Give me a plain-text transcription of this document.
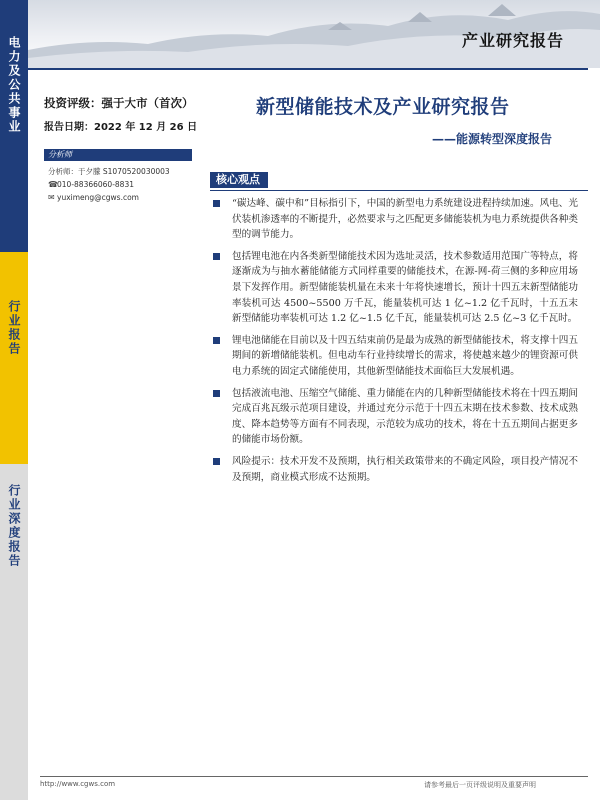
电力及公共事业
行业报告
行业深度报告
产业研究报告
投资评级：强于大市（首次）
报告日期：2022 年 12 月 26 日
分析师
分析师：于夕朦 S1070520030003
☎010-88366060-8831
✉ yuximeng@cgws.com
新型储能技术及产业研究报告
——能源转型深度报告
核心观点

“碳达峰、碳中和”目标指引下，中国的新型电力系统建设进程持续加速。风电、光伏装机渗透率的不断提升，必然要求与之匹配更多储能装机为电力系统提供各种类型的调节能力。

包括锂电池在内各类新型储能技术因为选址灵活，技术参数适用范围广等特点，将逐渐成为与抽水蓄能储能方式同样重要的储能技术，在源-网-荷三侧的多种应用场景下发挥作用。新型储能装机量在未来十年将快速增长，预计十四五末新型储能功率装机可达 4500~5500 万千瓦，能量装机可达 1 亿~1.2 亿千瓦时，十五五末新型储能功率装机可达 1.2 亿~1.5 亿千瓦，能量装机可达 2.5 亿~3 亿千瓦时。

锂电池储能在目前以及十四五结束前仍是最为成熟的新型储能技术，将支撑十四五期间的新增储能装机。但电动车行业持续增长的需求，将使越来越少的锂资源可供电力系统的固定式储能使用，其他新型储能技术面临巨大发展机遇。

包括液流电池、压缩空气储能、重力储能在内的几种新型储能技术将在十四五期间完成百兆瓦级示范项目建设，并通过充分示范于十四五末期在技术参数、技术成熟度、降本趋势等方面有不同表现，示范较为成功的技术，将在十五五期间占据更多的储能市场份额。

风险提示：技术开发不及预期，执行相关政策带来的不确定风险，项目投产情况不及预期，商业模式形成不达预期。

http://www.cgws.com	请参考最后一页评级说明及重要声明
